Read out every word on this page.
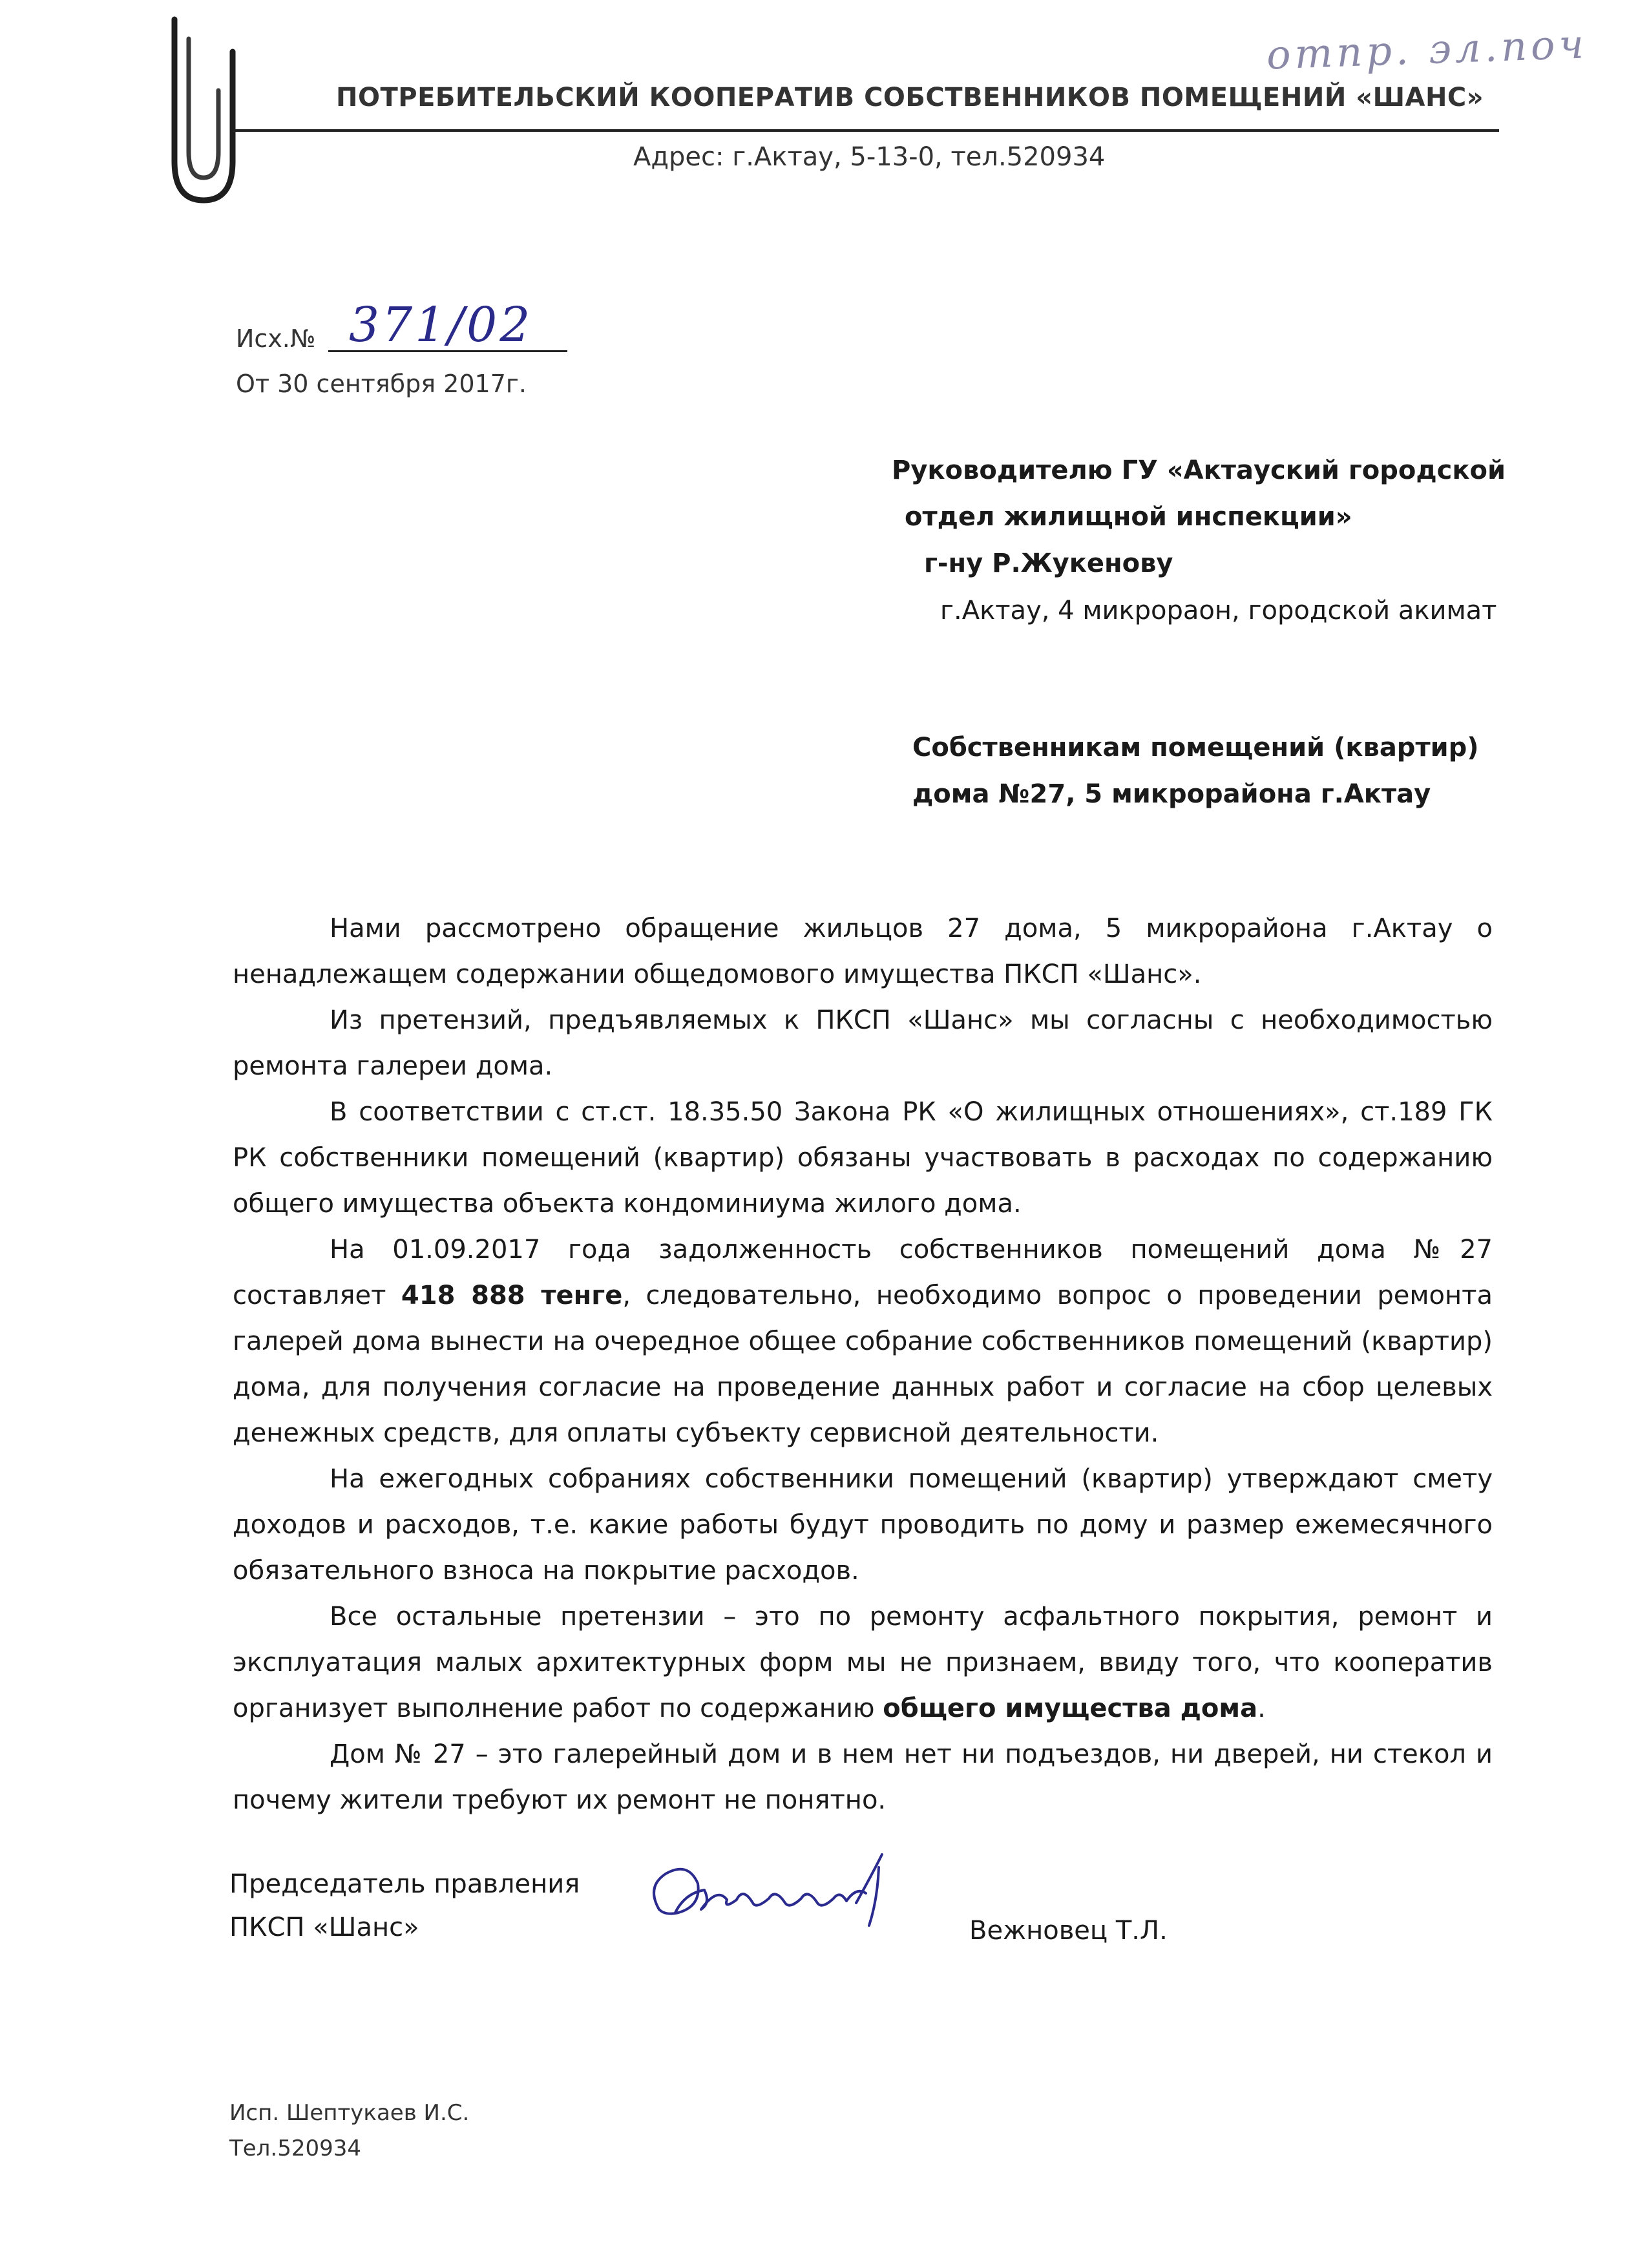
отпр. эл.поч
ПОТРЕБИТЕЛЬСКИЙ КООПЕРАТИВ СОБСТВЕННИКОВ ПОМЕЩЕНИЙ «ШАНС»
Адрес: г.Актау, 5-13-0, тел.520934
Исх.№ 371/02
От 30 сентября 2017г.
Руководителю ГУ «Актауский городской
отдел жилищной инспекции»
г-ну Р.Жукенову
г.Актау, 4 микрораон, городской акимат
Собственникам помещений (квартир)
дома №27, 5 микрорайона г.Актау

Нами рассмотрено обращение жильцов 27 дома, 5 микрорайона г.Актау о ненадлежащем содержании общедомового имущества ПКСП «Шанс».

Из претензий, предъявляемых к ПКСП «Шанс» мы согласны с необходимостью ремонта галереи дома.

В соответствии с ст.ст. 18.35.50 Закона РК «О жилищных отношениях», ст.189 ГК РК собственники помещений (квартир) обязаны участвовать в расходах по содержанию общего имущества объекта кондоминиума жилого дома.

На 01.09.2017 года задолженность собственников помещений дома №27 составляет 418 888 тенге, следовательно, необходимо вопрос о проведении ремонта галерей дома вынести на очередное общее собрание собственников помещений (квартир) дома, для получения согласие на проведение данных работ и согласие на сбор целевых денежных средств, для оплаты субъекту сервисной деятельности.

На ежегодных собраниях собственники помещений (квартир) утверждают смету доходов и расходов, т.е. какие работы будут проводить по дому и размер ежемесячного обязательного взноса на покрытие расходов.

Все остальные претензии – это по ремонту асфальтного покрытия, ремонт и эксплуатация малых архитектурных форм мы не признаем, ввиду того, что кооператив организует выполнение работ по содержанию общего имущества дома.

Дом № 27 – это галерейный дом и в нем нет ни подъездов, ни дверей, ни стекол и почему жители требуют их ремонт не понятно.

Председатель правления
ПКСП «Шанс»	Вежновец Т.Л.
Исп. Шептукаев И.С.
Тел.520934
